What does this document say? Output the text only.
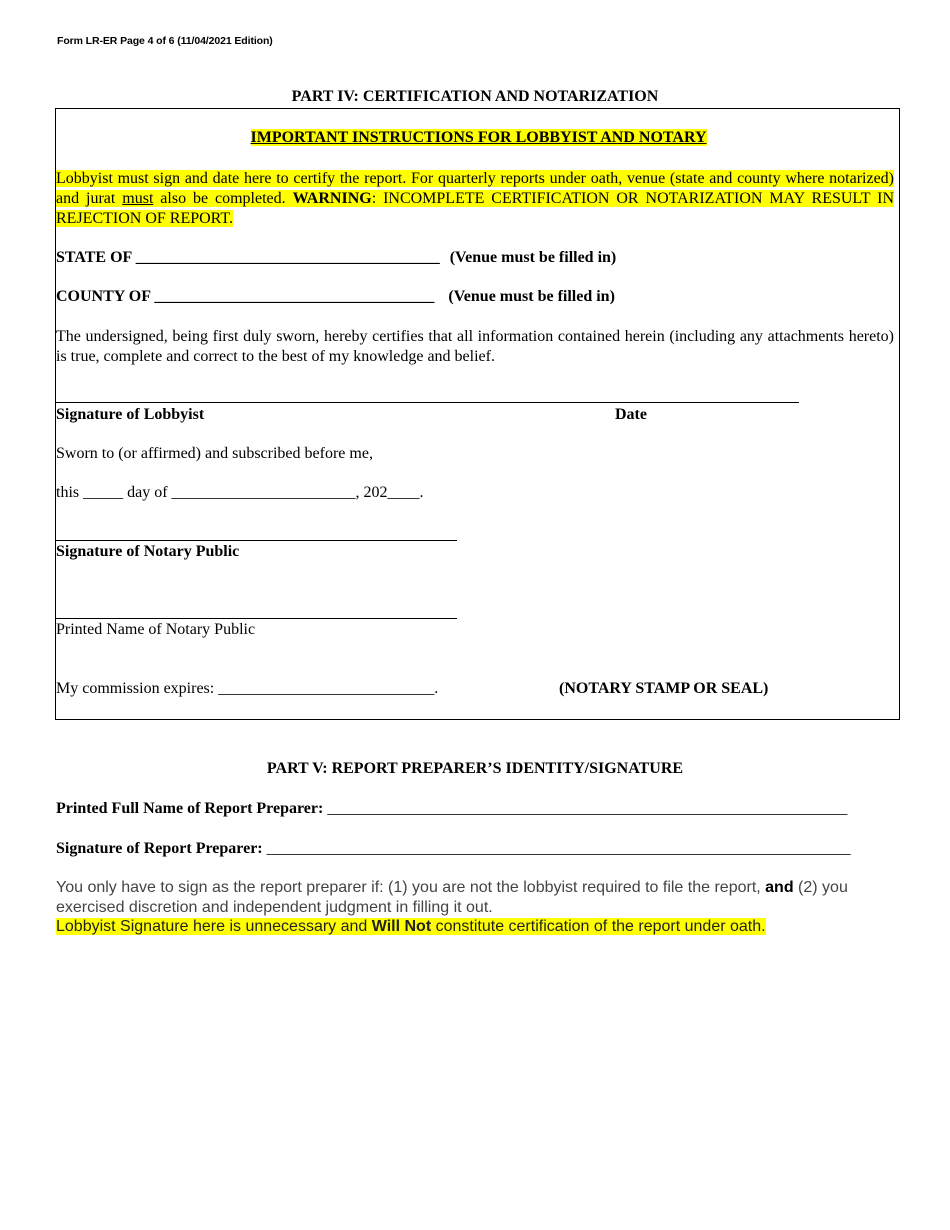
Form LR-ER Page 4 of 6 (11/04/2021 Edition)
PART IV: CERTIFICATION AND NOTARIZATION
IMPORTANT INSTRUCTIONS FOR LOBBYIST AND NOTARY
Lobbyist must sign and date here to certify the report. For quarterly reports under oath, venue (state and county where notarized) and jurat must also be completed. WARNING: INCOMPLETE CERTIFICATION OR NOTARIZATION MAY RESULT IN REJECTION OF REPORT.
STATE OF ______________________________________ (Venue must be filled in)
COUNTY OF ___________________________________ (Venue must be filled in)
The undersigned, being first duly sworn, hereby certifies that all information contained herein (including any attachments hereto) is true, complete and correct to the best of my knowledge and belief.
Signature of Lobbyist	Date
Sworn to (or affirmed) and subscribed before me,
this _____ day of _______________________, 202____.
Signature of Notary Public
Printed Name of Notary Public
My commission expires: ___________________________.	(NOTARY STAMP OR SEAL)
PART V: REPORT PREPARER’S IDENTITY/SIGNATURE
Printed Full Name of Report Preparer: _________________________________________________________________
Signature of Report Preparer: _________________________________________________________________________
You only have to sign as the report preparer if: (1) you are not the lobbyist required to file the report, and (2) you exercised discretion and independent judgment in filling it out.
Lobbyist Signature here is unnecessary and Will Not constitute certification of the report under oath.
